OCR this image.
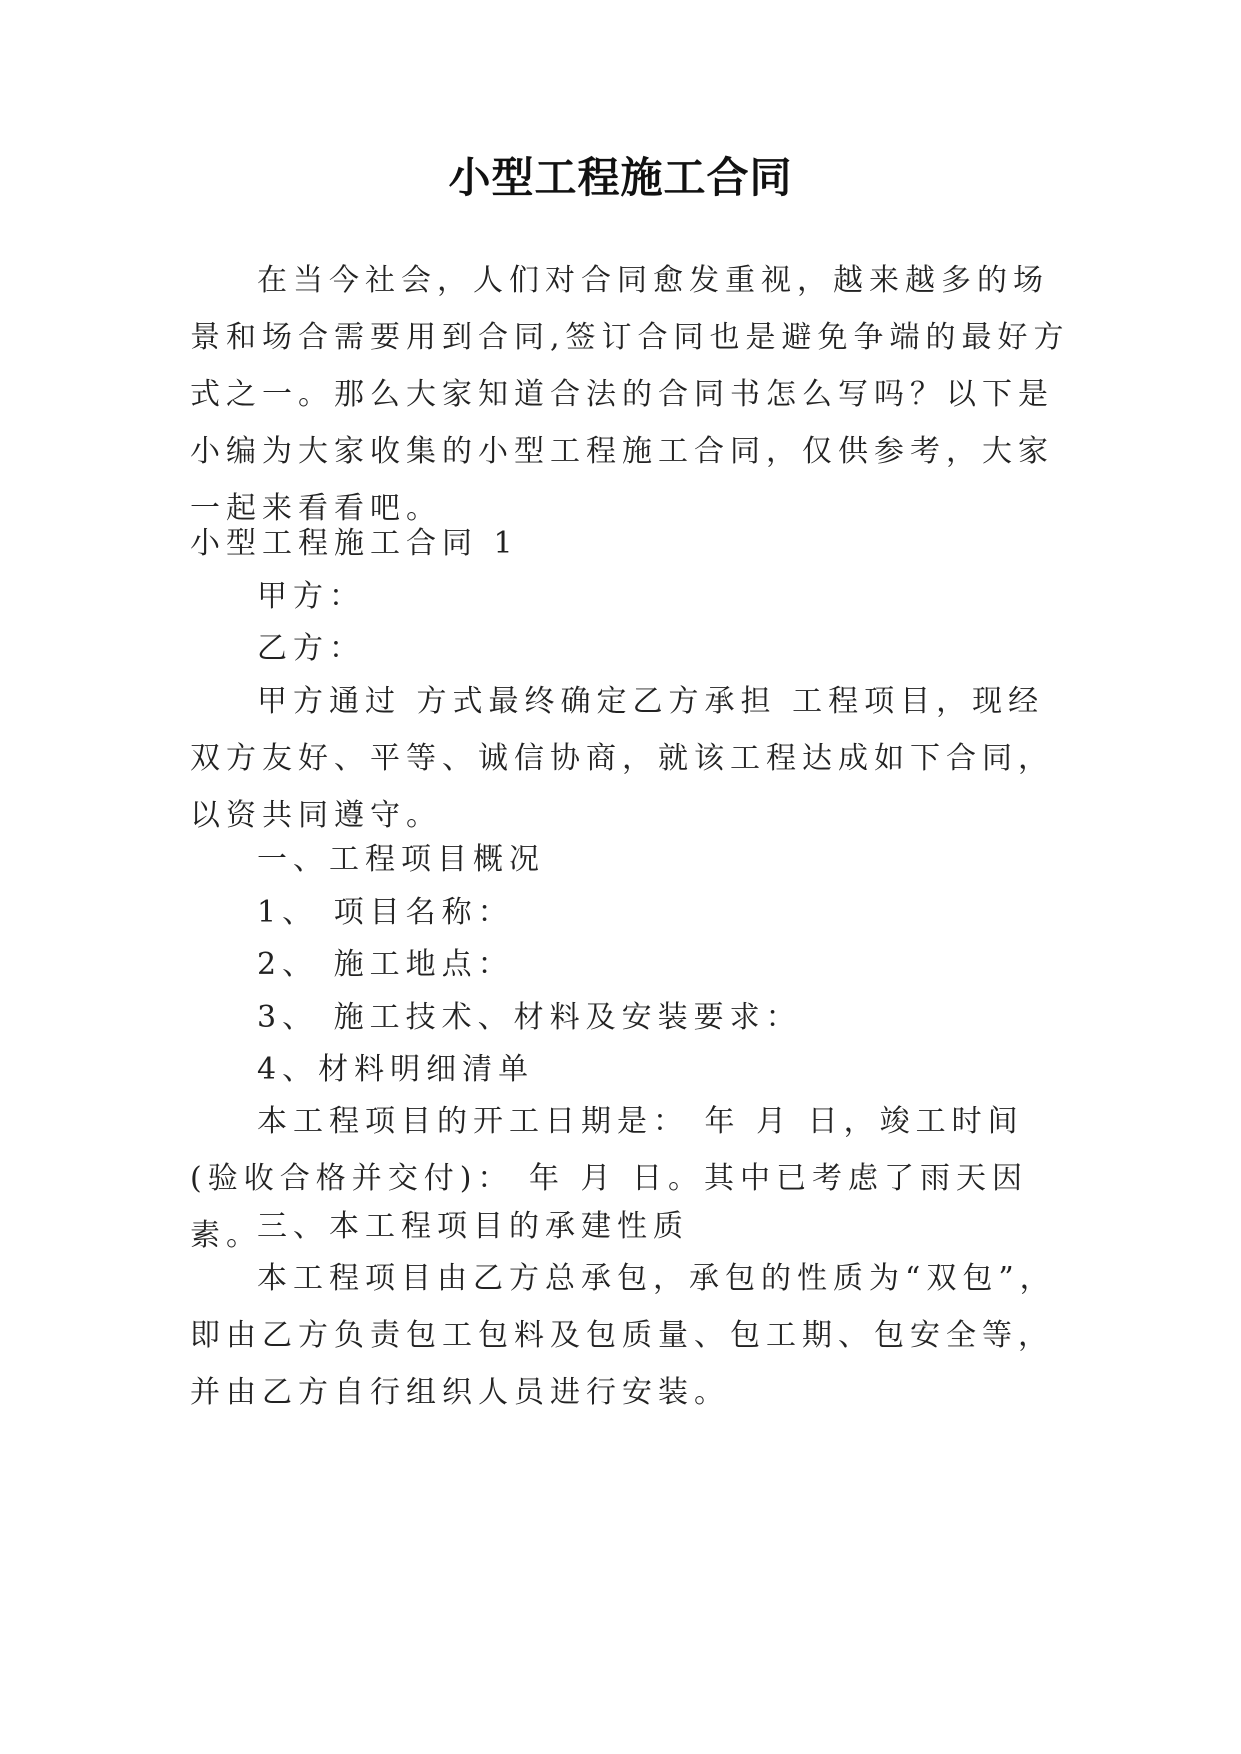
小型工程施工合同

在当今社会，人们对合同愈发重视，越来越多的场景和场合需要用到合同,签订合同也是避免争端的最好方式之一。那么大家知道合法的合同书怎么写吗？以下是小编为大家收集的小型工程施工合同，仅供参考，大家一起来看看吧。

小型工程施工合同 1
甲方：
乙方：

甲方通过 方式最终确定乙方承担 工程项目，现经双方友好、平等、诚信协商，就该工程达成如下合同，以资共同遵守。

一、工程项目概况
1、 项目名称：
2、 施工地点：
3、 施工技术、材料及安装要求：
4、材料明细清单

本工程项目的开工日期是： 年 月 日，竣工时间(验收合格并交付)： 年 月 日。其中已考虑了雨天因素。

三、本工程项目的承建性质

本工程项目由乙方总承包，承包的性质为“双包”，即由乙方负责包工包料及包质量、包工期、包安全等，并由乙方自行组织人员进行安装。
